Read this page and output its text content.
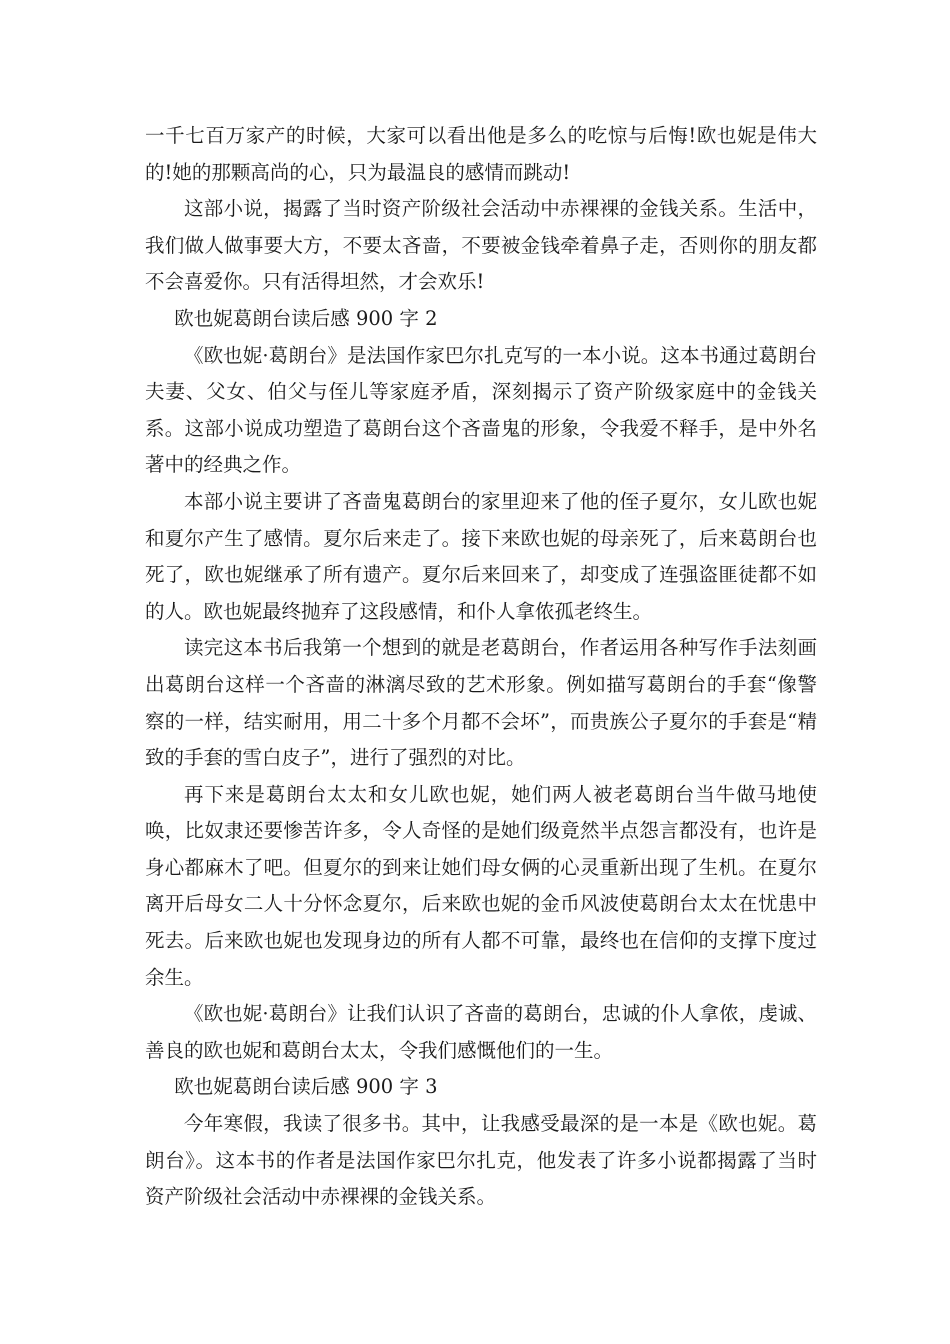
一千七百万家产的时候，大家可以看出他是多么的吃惊与后悔!欧也妮是伟大的!她的那颗高尚的心，只为最温良的感情而跳动!

这部小说，揭露了当时资产阶级社会活动中赤裸裸的金钱关系。生活中，我们做人做事要大方，不要太吝啬，不要被金钱牵着鼻子走，否则你的朋友都不会喜爱你。只有活得坦然，才会欢乐!

欧也妮葛朗台读后感 900 字 2

《欧也妮·葛朗台》是法国作家巴尔扎克写的一本小说。这本书通过葛朗台夫妻、父女、伯父与侄儿等家庭矛盾，深刻揭示了资产阶级家庭中的金钱关系。这部小说成功塑造了葛朗台这个吝啬鬼的形象，令我爱不释手，是中外名著中的经典之作。

本部小说主要讲了吝啬鬼葛朗台的家里迎来了他的侄子夏尔，女儿欧也妮和夏尔产生了感情。夏尔后来走了。接下来欧也妮的母亲死了，后来葛朗台也死了，欧也妮继承了所有遗产。夏尔后来回来了，却变成了连强盗匪徒都不如的人。欧也妮最终抛弃了这段感情，和仆人拿侬孤老终生。

读完这本书后我第一个想到的就是老葛朗台，作者运用各种写作手法刻画出葛朗台这样一个吝啬的淋漓尽致的艺术形象。例如描写葛朗台的手套“像警察的一样，结实耐用，用二十多个月都不会坏”，而贵族公子夏尔的手套是“精致的手套的雪白皮子”，进行了强烈的对比。

再下来是葛朗台太太和女儿欧也妮，她们两人被老葛朗台当牛做马地使唤，比奴隶还要惨苦许多，令人奇怪的是她们级竟然半点怨言都没有，也许是身心都麻木了吧。但夏尔的到来让她们母女俩的心灵重新出现了生机。在夏尔离开后母女二人十分怀念夏尔，后来欧也妮的金币风波使葛朗台太太在忧患中死去。后来欧也妮也发现身边的所有人都不可靠，最终也在信仰的支撑下度过余生。

《欧也妮·葛朗台》让我们认识了吝啬的葛朗台，忠诚的仆人拿侬，虔诚、善良的欧也妮和葛朗台太太，令我们感慨他们的一生。

欧也妮葛朗台读后感 900 字 3

今年寒假，我读了很多书。其中，让我感受最深的是一本是《欧也妮。葛朗台》。这本书的作者是法国作家巴尔扎克，他发表了许多小说都揭露了当时资产阶级社会活动中赤裸裸的金钱关系。
